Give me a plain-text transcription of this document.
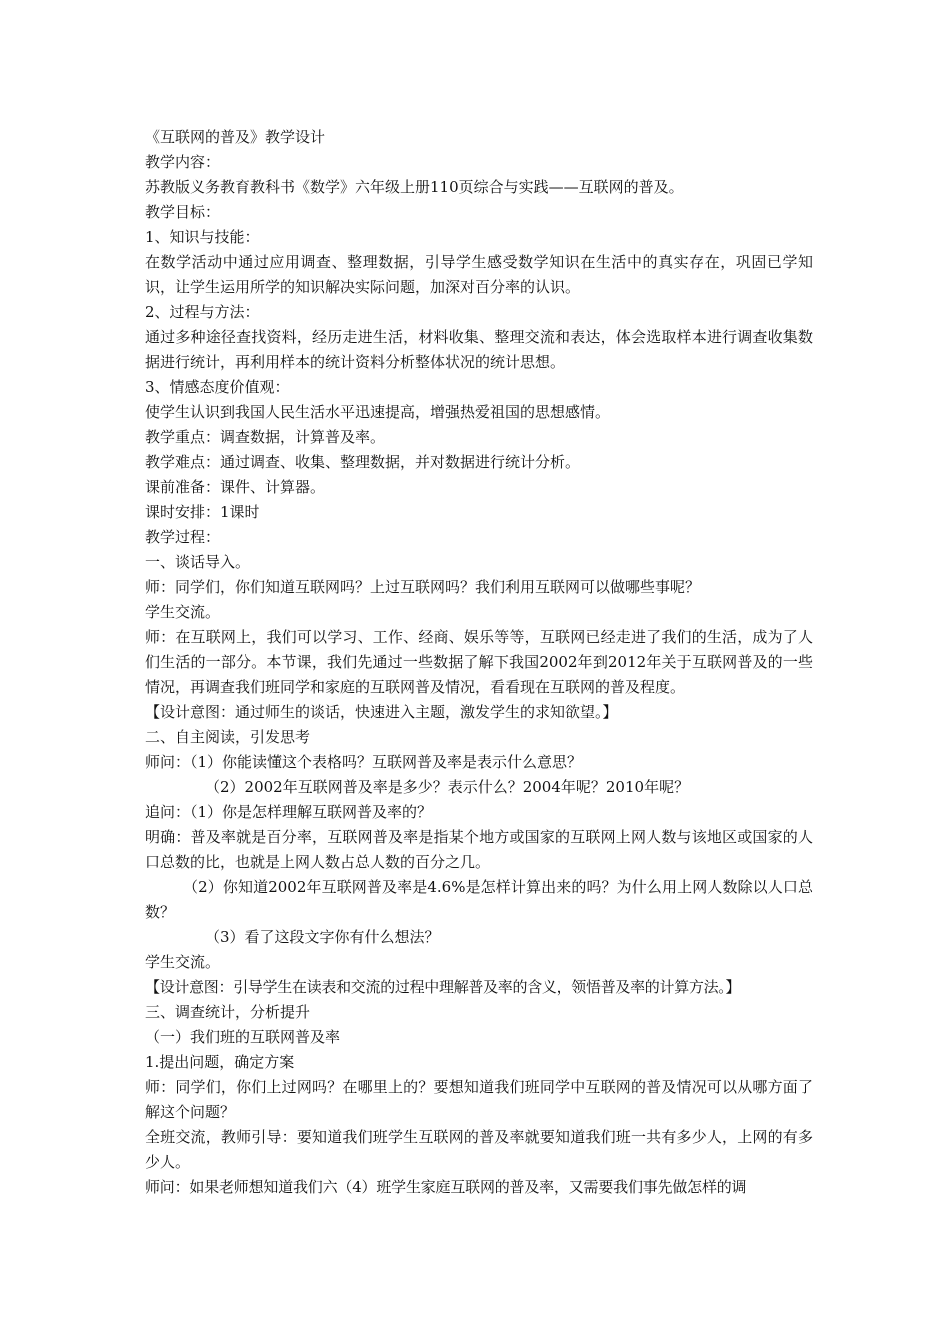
《互联网的普及》教学设计

教学内容：

苏教版义务教育教科书《数学》六年级上册110页综合与实践——互联网的普及。

教学目标：

1、知识与技能：

在数学活动中通过应用调查、整理数据，引导学生感受数学知识在生活中的真实存在，巩固已学知识，让学生运用所学的知识解决实际问题，加深对百分率的认识。

2、过程与方法：

通过多种途径查找资料，经历走进生活，材料收集、整理交流和表达，体会选取样本进行调查收集数据进行统计，再利用样本的统计资料分析整体状况的统计思想。

3、情感态度价值观：

使学生认识到我国人民生活水平迅速提高，增强热爱祖国的思想感情。

教学重点：调查数据，计算普及率。

教学难点：通过调查、收集、整理数据，并对数据进行统计分析。

课前准备：课件、计算器。

课时安排：1课时

教学过程：

一、谈话导入。

师：同学们，你们知道互联网吗？上过互联网吗？我们利用互联网可以做哪些事呢？

学生交流。

师：在互联网上，我们可以学习、工作、经商、娱乐等等，互联网已经走进了我们的生活，成为了人们生活的一部分。本节课，我们先通过一些数据了解下我国2002年到2012年关于互联网普及的一些情况，再调查我们班同学和家庭的互联网普及情况，看看现在互联网的普及程度。

【设计意图：通过师生的谈话，快速进入主题，激发学生的求知欲望。】

二、自主阅读，引发思考

师问：（1）你能读懂这个表格吗？互联网普及率是表示什么意思？

（2）2002年互联网普及率是多少？表示什么？2004年呢？2010年呢？

追问：（1）你是怎样理解互联网普及率的？

明确：普及率就是百分率，互联网普及率是指某个地方或国家的互联网上网人数与该地区或国家的人口总数的比，也就是上网人数占总人数的百分之几。

（2）你知道2002年互联网普及率是4.6%是怎样计算出来的吗？为什么用上网人数除以人口总数？

（3）看了这段文字你有什么想法？

学生交流。

【设计意图：引导学生在读表和交流的过程中理解普及率的含义，领悟普及率的计算方法。】

三、调查统计，分析提升

（一）我们班的互联网普及率

1.提出问题，确定方案

师：同学们，你们上过网吗？在哪里上的？要想知道我们班同学中互联网的普及情况可以从哪方面了解这个问题？

全班交流，教师引导：要知道我们班学生互联网的普及率就要知道我们班一共有多少人，上网的有多少人。

师问：如果老师想知道我们六（4）班学生家庭互联网的普及率，又需要我们事先做怎样的调
